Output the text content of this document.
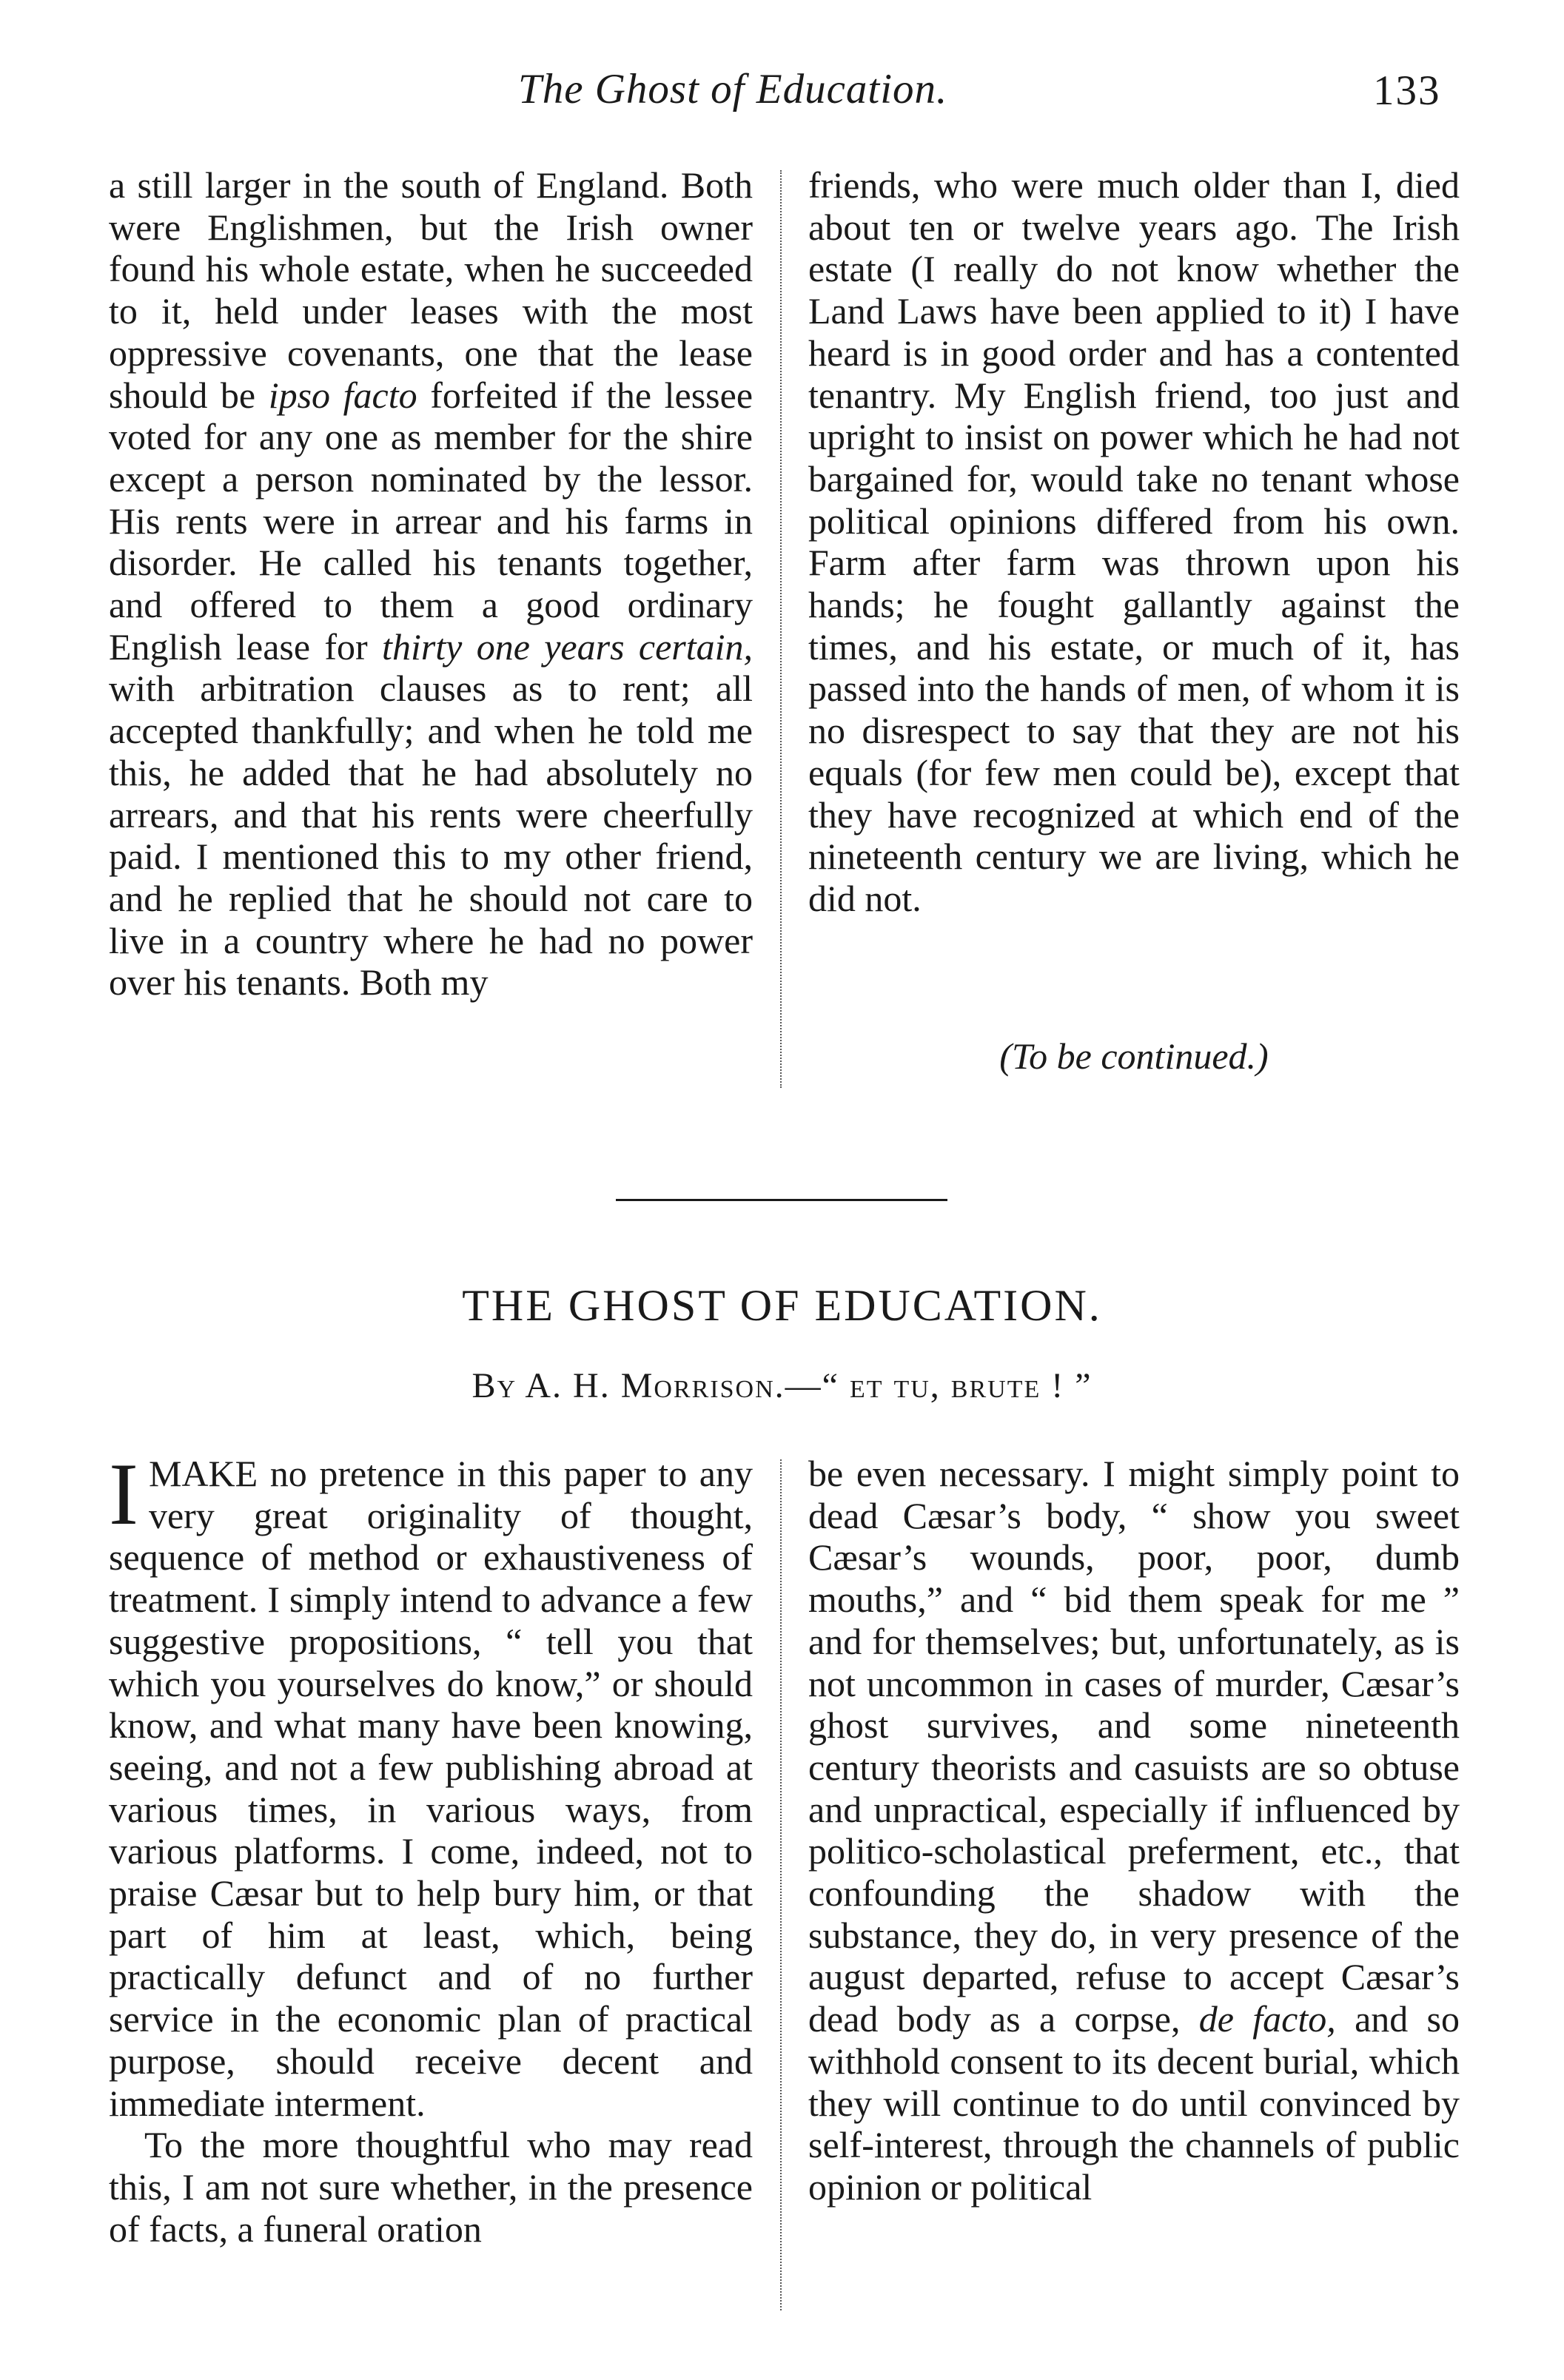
The Ghost of Education.	133

a still larger in the south of England. Both were Englishmen, but the Irish owner found his whole estate, when he succeeded to it, held under leases with the most oppressive covenants, one that the lease should be ipso facto forfeited if the lessee voted for any one as member for the shire except a person nominated by the lessor. His rents were in arrear and his farms in disorder. He called his tenants together, and offered to them a good ordinary English lease for thirty one years certain, with arbitration clauses as to rent; all accepted thankfully; and when he told me this, he added that he had absolutely no arrears, and that his rents were cheerfully paid. I mentioned this to my other friend, and he replied that he should not care to live in a country where he had no power over his tenants. Both my

friends, who were much older than I, died about ten or twelve years ago. The Irish estate (I really do not know whether the Land Laws have been applied to it) I have heard is in good order and has a contented tenantry. My English friend, too just and upright to insist on power which he had not bargained for, would take no tenant whose political opinions differed from his own. Farm after farm was thrown upon his hands; he fought gallantly against the times, and his estate, or much of it, has passed into the hands of men, of whom it is no disrespect to say that they are not his equals (for few men could be), except that they have recognized at which end of the nineteenth century we are living, which he did not.

(To be continued.)
THE GHOST OF EDUCATION.
By A. H. Morrison.—“ et tu, brute ! ”

IMAKE no pretence in this paper to any very great originality of thought, sequence of method or exhaustiveness of treatment. I simply intend to advance a few suggestive propositions, “ tell you that which you yourselves do know,” or should know, and what many have been knowing, seeing, and not a few publishing abroad at various times, in various ways, from various platforms. I come, indeed, not to praise Cæsar but to help bury him, or that part of him at least, which, being practically defunct and of no further service in the economic plan of practical purpose, should receive decent and immediate interment.

To the more thoughtful who may read this, I am not sure whether, in the presence of facts, a funeral oration

be even necessary. I might simply point to dead Cæsar’s body, “ show you sweet Cæsar’s wounds, poor, poor, dumb mouths,” and “ bid them speak for me ” and for themselves; but, unfortunately, as is not uncommon in cases of murder, Cæsar’s ghost survives, and some nineteenth century theorists and casuists are so obtuse and unpractical, especially if influenced by politico-scholastical preferment, etc., that confounding the shadow with the substance, they do, in very presence of the august departed, refuse to accept Cæsar’s dead body as a corpse, de facto, and so withhold consent to its decent burial, which they will continue to do until convinced by self-interest, through the channels of public opinion or political
